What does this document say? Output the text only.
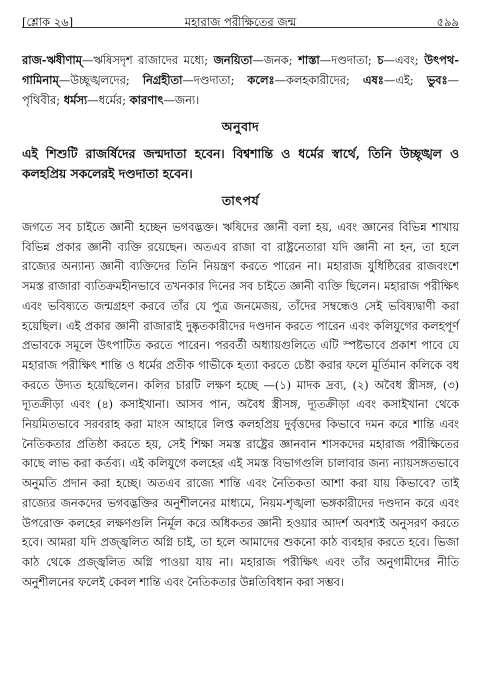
[শ্লোক ২৬]	মহারাজ পরীক্ষিতের জন্ম	৫৯৯
রাজ-ঋষীণাম্—ঋষিসদৃশ রাজাদের মধ্যে; জনয়িতা—জনক; শাস্তা—দণ্ডদাতা; চ—এবং; উৎপথ-গামিনাম্—উচ্ছৃঙ্খলদের; নিগ্রহীতা—দণ্ডদাতা; কলেঃ—কলহকারীদের; এষঃ—এই; ভুবঃ—পৃথিবীর; ধর্মস্য—ধর্মের; কারণাৎ—জন্য।
অনুবাদ
এই শিশুটি রাজর্ষিদের জন্মদাতা হবেন। বিশ্বশান্তি ও ধর্মের স্বার্থে, তিনি উচ্ছৃঙ্খল ও কলহপ্রিয় সকলেরই দণ্ডদাতা হবেন।
তাৎপর্য

জগতে সব চাইতে জ্ঞানী হচ্ছেন ভগবদ্ভক্ত। ঋষিদের জ্ঞানী বলা হয়, এবং জ্ঞানের বিভিন্ন শাখায় বিভিন্ন প্রকার জ্ঞানী ব্যক্তি রয়েছেন। অতএব রাজা বা রাষ্ট্রনেতারা যদি জ্ঞানী না হন, তা হলে রাজ্যের অন্যান্য জ্ঞানী ব্যক্তিদের তিনি নিয়ন্ত্রণ করতে পারেন না। মহারাজ যুধিষ্ঠিরের রাজবংশে সমস্ত রাজারা ব্যতিক্রমহীনভাবে তখনকার দিনের সব চাইতে জ্ঞানী ব্যক্তি ছিলেন। মহারাজ পরীক্ষিৎ এবং ভবিষ্যতে জন্মগ্রহণ করবে তাঁর যে পুত্র জনমেজয়, তাঁদের সম্বন্ধেও সেই ভবিষ্যদ্বাণী করা হয়েছিল। এই প্রকার জ্ঞানী রাজারাই দুষ্কৃতকারীদের দণ্ডদান করতে পারেন এবং কলিযুগের কলহপূর্ণ প্রভাবকে সমূলে উৎপাটিত করতে পারেন। পরবর্তী অধ্যায়গুলিতে এটি স্পষ্টভাবে প্রকাশ পাবে যে মহারাজ পরীক্ষিৎ শান্তি ও ধর্মের প্রতীক গাভীকে হত্যা করতে চেষ্টা করার ফলে মূর্তিমান কলিকে বধ করতে উদ্যত হয়েছিলেন। কলির চারটি লক্ষণ হচ্ছে —(১) মাদক দ্রব্য, (২) অবৈধ স্ত্রীসঙ্গ, (৩) দ্যূতক্রীড়া এবং (৪) কসাইখানা। আসব পান, অবৈধ স্ত্রীসঙ্গ, দ্যূতক্রীড়া এবং কসাইখানা থেকে নিয়মিতভাবে সরবরাহ করা মাংস আহারে লিপ্ত কলহপ্রিয় দুর্বৃত্তদের কিভাবে দমন করে শান্তি এবং নৈতিকতার প্রতিষ্ঠা করতে হয়, সেই শিক্ষা সমস্ত রাষ্ট্রের জ্ঞানবান শাসকদের মহারাজ পরীক্ষিতের কাছে লাভ করা কর্তব্য। এই কলিযুগে কলহের এই সমস্ত বিভাগগুলি চালাবার জন্য ন্যায়সঙ্গতভাবে অনুমতি প্রদান করা হচ্ছে। অতএব রাজ্যে শান্তি এবং নৈতিকতা আশা করা যায় কিভাবে? তাই রাজ্যের জনকদের ভগবদ্ভক্তির অনুশীলনের মাধ্যমে, নিয়ম-শৃঙ্খলা ভঙ্গকারীদের দণ্ডদান করে এবং উপরোক্ত কলহের লক্ষণগুলি নির্মূল করে অধিকতর জ্ঞানী হওয়ার আদর্শ অবশ্যই অনুসরণ করতে হবে। আমরা যদি প্রজ্জ্বলিত অগ্নি চাই, তা হলে আমাদের শুকনো কাঠ ব্যবহার করতে হবে। ভিজা কাঠ থেকে প্রজ্জ্বলিত অগ্নি পাওয়া যায় না। মহারাজ পরীক্ষিৎ এবং তাঁর অনুগামীদের নীতি অনুশীলনের ফলেই কেবল শান্তি এবং নৈতিকতার উন্নতিবিধান করা সম্ভব।
